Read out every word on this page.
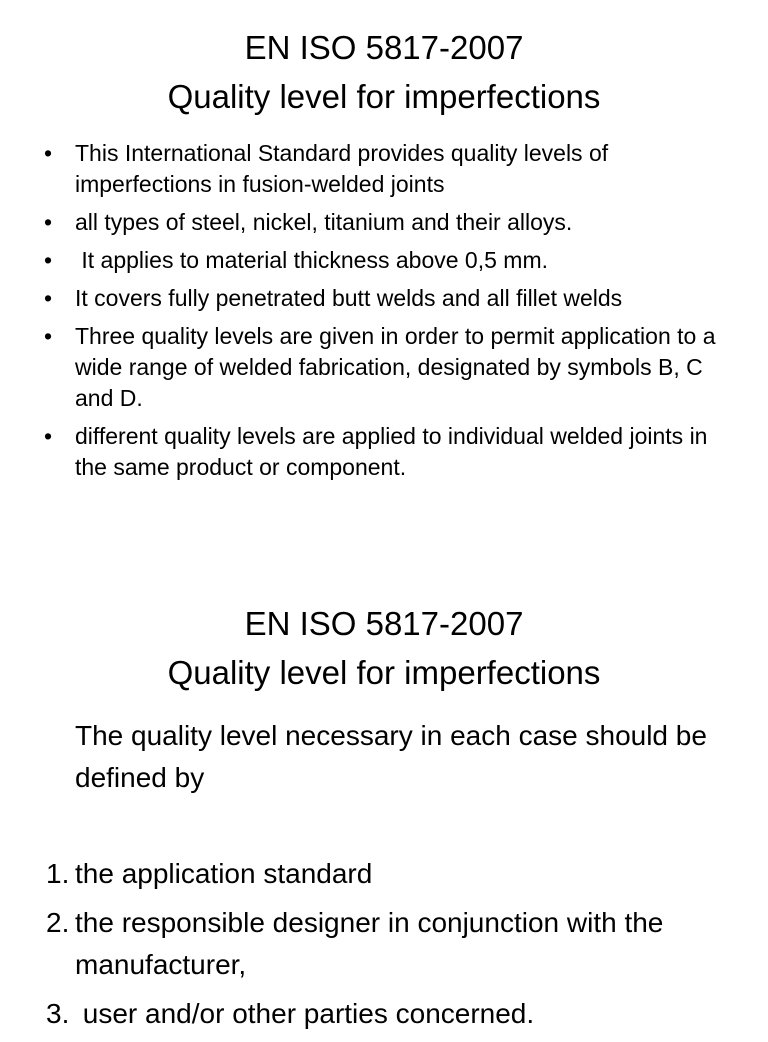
EN ISO 5817-2007
Quality level for imperfections
• This International Standard provides quality levels of imperfections in fusion-welded joints
• all types of steel, nickel, titanium and their alloys.
• It applies to material thickness above 0,5 mm.
• It covers fully penetrated butt welds and all fillet welds
• Three quality levels are given in order to permit application to a wide range of welded fabrication, designated by symbols B, C and D.
• different quality levels are applied to individual welded joints in the same product or component.
EN ISO 5817-2007
Quality level for imperfections
The quality level necessary in each case should be defined by
1. the application standard
2. the responsible designer in conjunction with the manufacturer,
3. user and/or other parties concerned.
